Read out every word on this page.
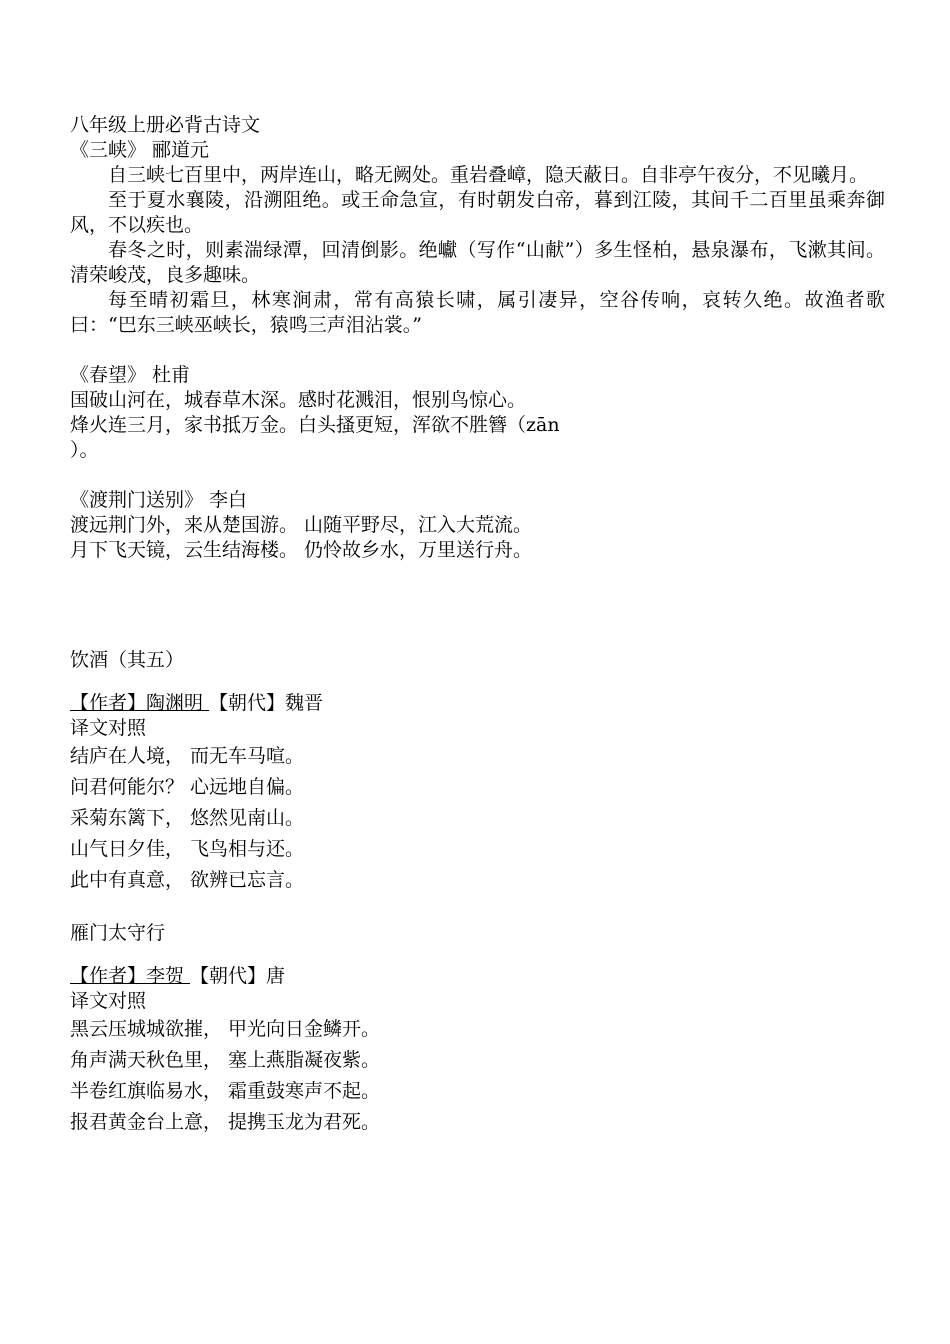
八年级上册必背古诗文
《三峡》 郦道元
自三峡七百里中，两岸连山，略无阙处。重岩叠嶂，隐天蔽日。自非亭午夜分，不见曦月。
至于夏水襄陵，沿溯阻绝。或王命急宣，有时朝发白帝，暮到江陵，其间千二百里虽乘奔御风，不以疾也。
春冬之时，则素湍绿潭，回清倒影。绝巘（写作“山献”）多生怪柏，悬泉瀑布，飞漱其间。清荣峻茂，良多趣味。
每至晴初霜旦，林寒涧肃，常有高猿长啸，属引凄异，空谷传响，哀转久绝。故渔者歌曰：“巴东三峡巫峡长，猿鸣三声泪沾裳。”
《春望》 杜甫
国破山河在，城春草木深。感时花溅泪，恨别鸟惊心。
烽火连三月，家书抵万金。白头搔更短，浑欲不胜簪（zān
）。
《渡荆门送别》 李白
渡远荆门外，来从楚国游。 山随平野尽，江入大荒流。
月下飞天镜，云生结海楼。 仍怜故乡水，万里送行舟。
饮酒（其五）
【作者】陶渊明 【朝代】魏晋
译文对照
结庐在人境， 而无车马喧。
问君何能尔？ 心远地自偏。
采菊东篱下， 悠然见南山。
山气日夕佳， 飞鸟相与还。
此中有真意， 欲辨已忘言。
雁门太守行
【作者】李贺 【朝代】唐
译文对照
黑云压城城欲摧， 甲光向日金鳞开。
角声满天秋色里， 塞上燕脂凝夜紫。
半卷红旗临易水， 霜重鼓寒声不起。
报君黄金台上意， 提携玉龙为君死。
